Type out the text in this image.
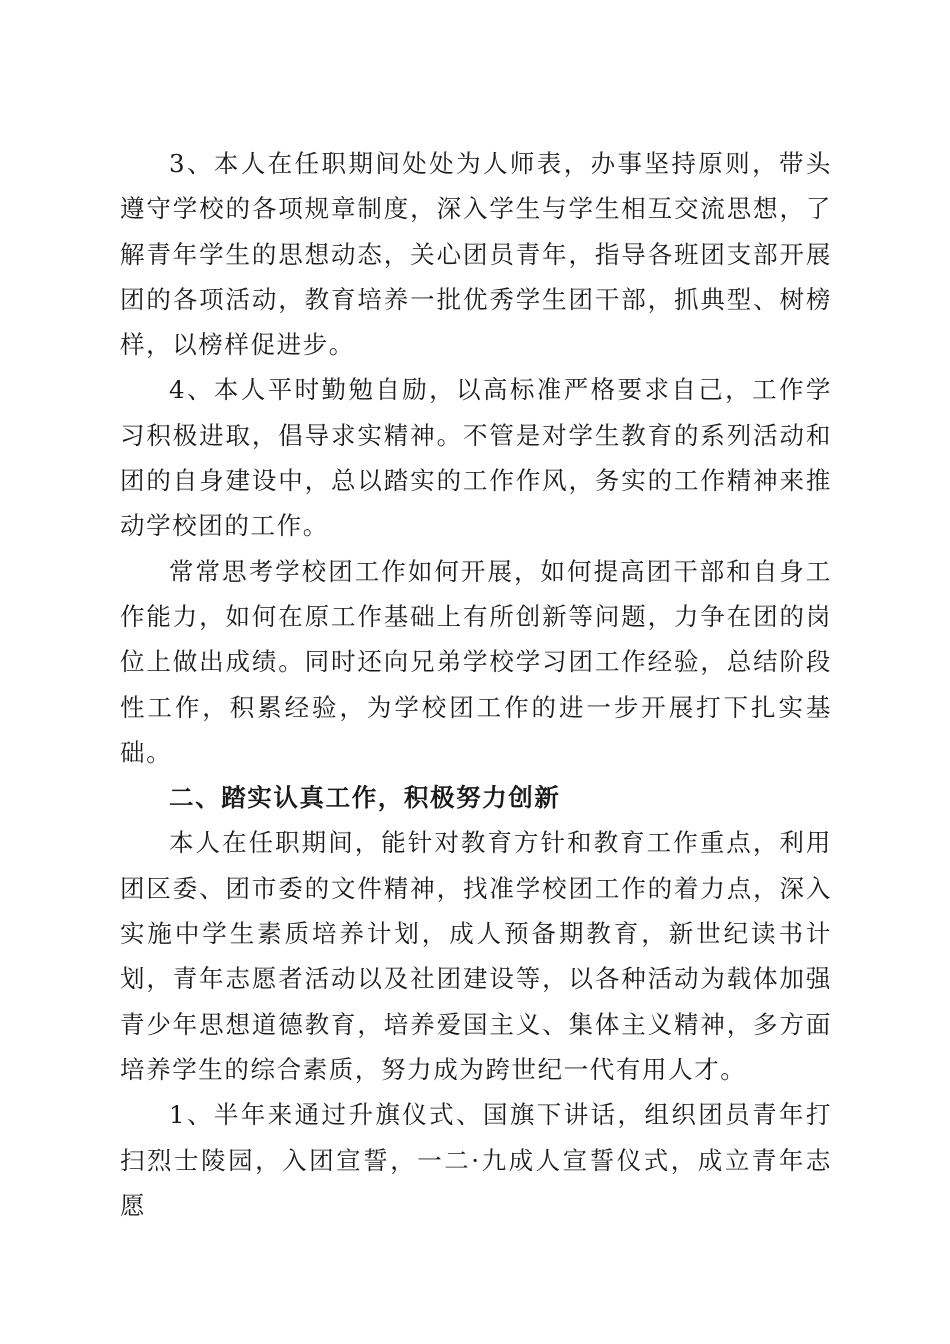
3、本人在任职期间处处为人师表，办事坚持原则，带头遵守学校的各项规章制度，深入学生与学生相互交流思想，了解青年学生的思想动态，关心团员青年，指导各班团支部开展团的各项活动，教育培养一批优秀学生团干部，抓典型、树榜样，以榜样促进步。

4、本人平时勤勉自励，以高标准严格要求自己，工作学习积极进取，倡导求实精神。不管是对学生教育的系列活动和团的自身建设中，总以踏实的工作作风，务实的工作精神来推动学校团的工作。

常常思考学校团工作如何开展，如何提高团干部和自身工作能力，如何在原工作基础上有所创新等问题，力争在团的岗位上做出成绩。同时还向兄弟学校学习团工作经验，总结阶段性工作，积累经验，为学校团工作的进一步开展打下扎实基础。

二、踏实认真工作，积极努力创新

本人在任职期间，能针对教育方针和教育工作重点，利用团区委、团市委的文件精神，找准学校团工作的着力点，深入实施中学生素质培养计划，成人预备期教育，新世纪读书计划，青年志愿者活动以及社团建设等，以各种活动为载体加强青少年思想道德教育，培养爱国主义、集体主义精神，多方面培养学生的综合素质，努力成为跨世纪一代有用人才。

1、半年来通过升旗仪式、国旗下讲话，组织团员青年打扫烈士陵园，入团宣誓，一二·九成人宣誓仪式，成立青年志愿
